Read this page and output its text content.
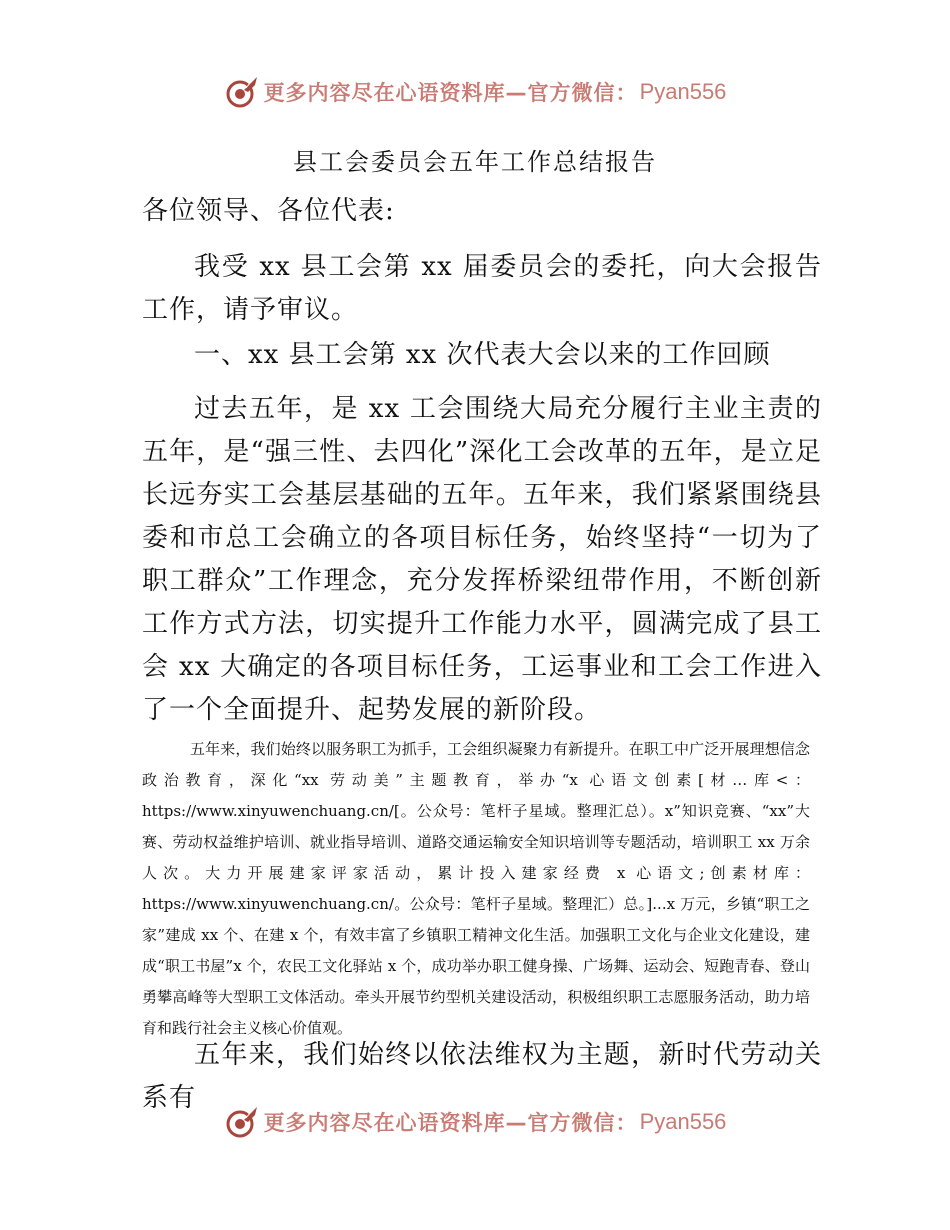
更多内容尽在心语资料库—官方微信： Pyan556
县工会委员会五年工作总结报告

各位领导、各位代表:

我受 xx 县工会第 xx 届委员会的委托，向大会报告工作，请予审议。

一、xx 县工会第 xx 次代表大会以来的工作回顾

过去五年，是 xx 工会围绕大局充分履行主业主责的五年，是“强三性、去四化”深化工会改革的五年，是立足长远夯实工会基层基础的五年。五年来，我们紧紧围绕县委和市总工会确立的各项目标任务，始终坚持“一切为了职工群众”工作理念，充分发挥桥梁纽带作用，不断创新工作方式方法，切实提升工作能力水平，圆满完成了县工会 xx 大确定的各项目标任务，工运事业和工会工作进入了一个全面提升、起势发展的新阶段。

五年来，我们始终以服务职工为抓手，工会组织凝聚力有新提升。在职工中广泛开展理想信念政治教育，深化“xx 劳动美”主题教育，举办“x 心语文创素[材…库<：https://www.xinyuwenchuang.cn/[。公众号：笔杆子星域。整理汇总）。x”知识竞赛、“xx”大赛、劳动权益维护培训、就业指导培训、道路交通运输安全知识培训等专题活动，培训职工 xx 万余人次。大力开展建家评家活动，累计投入建家经费 x 心语文;创素材库：https://www.xinyuwenchuang.cn/。公众号：笔杆子星域。整理汇）总。]...x 万元，乡镇“职工之家”建成 xx 个、在建 x 个，有效丰富了乡镇职工精神文化生活。加强职工文化与企业文化建设，建成“职工书屋”x 个，农民工文化驿站 x 个，成功举办职工健身操、广场舞、运动会、短跑青春、登山勇攀高峰等大型职工文体活动。牵头开展节约型机关建设活动，积极组织职工志愿服务活动，助力培育和践行社会主义核心价值观。

五年来，我们始终以依法维权为主题，新时代劳动关系有

更多内容尽在心语资料库—官方微信： Pyan556
